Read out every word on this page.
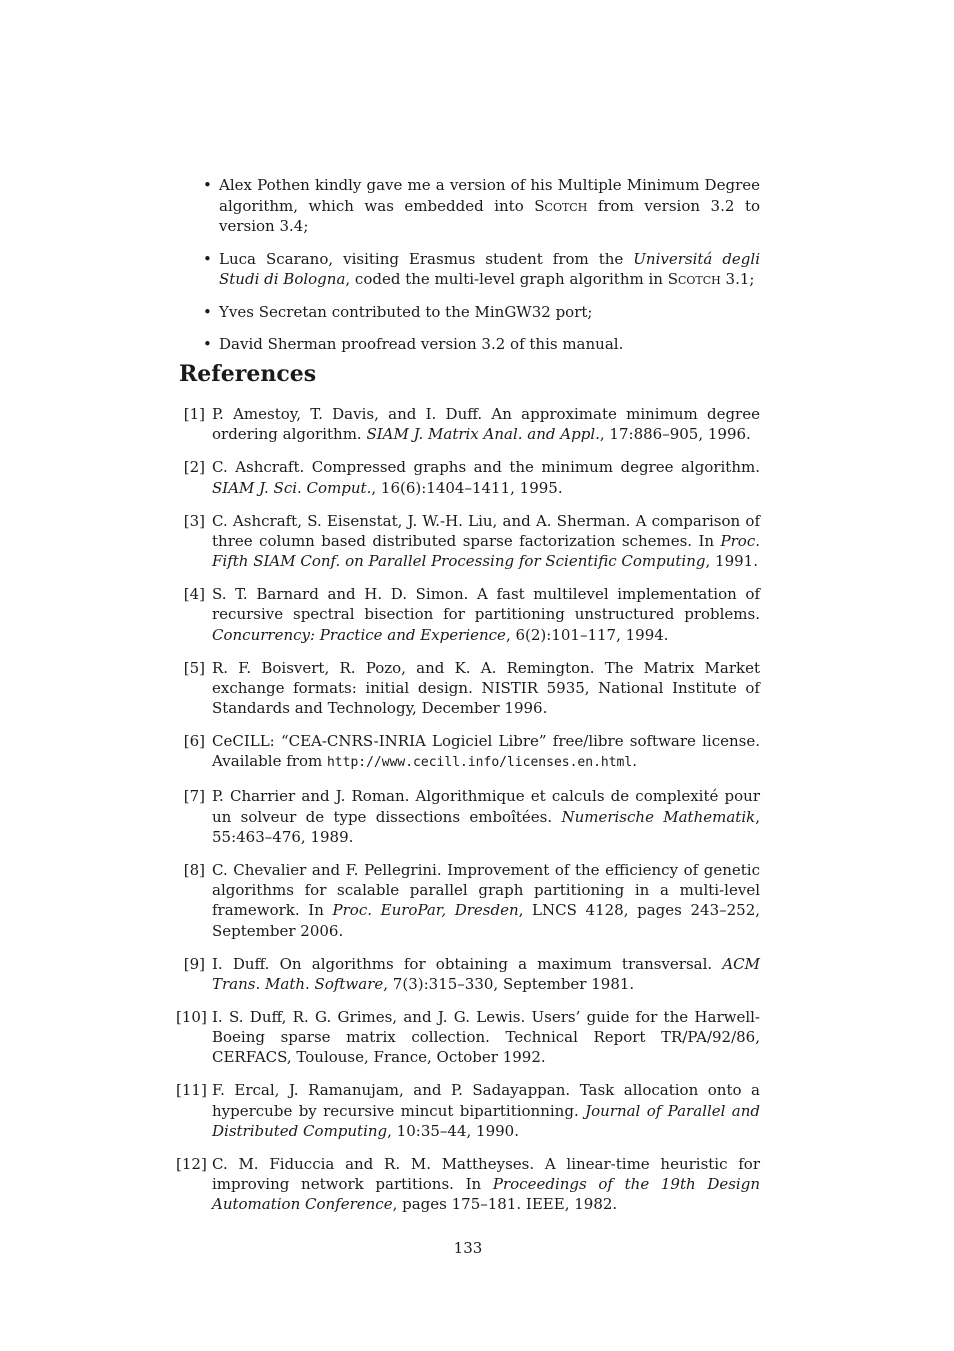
• Alex Pothen kindly gave me a version of his Multiple Minimum Degree algorithm, which was embedded into Scotch from version 3.2 to version 3.4;
• Luca Scarano, visiting Erasmus student from the Universitá degli Studi di Bologna, coded the multi-level graph algorithm in Scotch 3.1;
• Yves Secretan contributed to the MinGW32 port;
• David Sherman proofread version 3.2 of this manual.
References
[1] P. Amestoy, T. Davis, and I. Duff. An approximate minimum degree ordering algorithm. SIAM J. Matrix Anal. and Appl., 17:886–905, 1996.
[2] C. Ashcraft. Compressed graphs and the minimum degree algorithm. SIAM J. Sci. Comput., 16(6):1404–1411, 1995.
[3] C. Ashcraft, S. Eisenstat, J. W.-H. Liu, and A. Sherman. A comparison of three column based distributed sparse factorization schemes. In Proc. Fifth SIAM Conf. on Parallel Processing for Scientific Computing, 1991.
[4] S. T. Barnard and H. D. Simon. A fast multilevel implementation of recursive spectral bisection for partitioning unstructured problems. Concurrency: Practice and Experience, 6(2):101–117, 1994.
[5] R. F. Boisvert, R. Pozo, and K. A. Remington. The Matrix Market exchange formats: initial design. NISTIR 5935, National Institute of Standards and Technology, December 1996.
[6] CeCILL: “CEA-CNRS-INRIA Logiciel Libre” free/libre software license. Available from http://www.cecill.info/licenses.en.html.
[7] P. Charrier and J. Roman. Algorithmique et calculs de complexité pour un solveur de type dissections emboîtées. Numerische Mathematik, 55:463–476, 1989.
[8] C. Chevalier and F. Pellegrini. Improvement of the efficiency of genetic algorithms for scalable parallel graph partitioning in a multi-level framework. In Proc. EuroPar, Dresden, LNCS 4128, pages 243–252, September 2006.
[9] I. Duff. On algorithms for obtaining a maximum transversal. ACM Trans. Math. Software, 7(3):315–330, September 1981.
[10] I. S. Duff, R. G. Grimes, and J. G. Lewis. Users’ guide for the Harwell-Boeing sparse matrix collection. Technical Report TR/PA/92/86, CERFACS, Toulouse, France, October 1992.
[11] F. Ercal, J. Ramanujam, and P. Sadayappan. Task allocation onto a hypercube by recursive mincut bipartitionning. Journal of Parallel and Distributed Computing, 10:35–44, 1990.
[12] C. M. Fiduccia and R. M. Mattheyses. A linear-time heuristic for improving network partitions. In Proceedings of the 19th Design Automation Conference, pages 175–181. IEEE, 1982.
133
